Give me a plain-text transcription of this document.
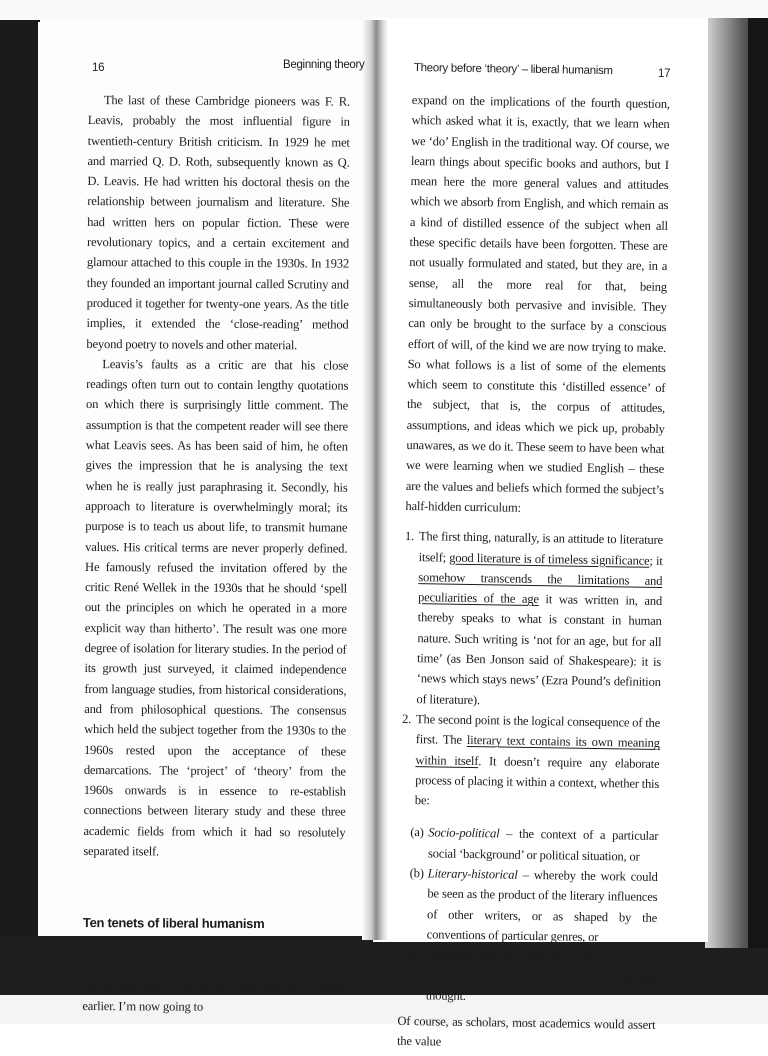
16	Beginning theory	Theory before ‘theory’ – liberal humanism	17

The last of these Cambridge pioneers was F. R. Leavis, probably the most influential figure in twentieth-century British criticism. In 1929 he met and married Q. D. Roth, subsequently known as Q. D. Leavis. He had written his doctoral thesis on the relationship between journalism and literature. She had written hers on popular fiction. These were revolutionary topics, and a certain excitement and glamour attached to this couple in the 1930s. In 1932 they founded an important journal called Scrutiny and produced it together for twenty-one years. As the title implies, it extended the ‘close-reading’ method beyond poetry to novels and other material.

Leavis’s faults as a critic are that his close readings often turn out to contain lengthy quotations on which there is surprisingly little comment. The assumption is that the competent reader will see there what Leavis sees. As has been said of him, he often gives the impression that he is analysing the text when he is really just paraphrasing it. Secondly, his approach to literature is overwhelmingly moral; its purpose is to teach us about life, to transmit humane values. His critical terms are never properly defined. He famously refused the invitation offered by the critic René Wellek in the 1930s that he should ‘spell out the principles on which he operated in a more explicit way than hitherto’. The result was one more degree of isolation for literary studies. In the period of its growth just surveyed, it claimed independence from language studies, from historical considerations, and from philosophical questions. The consensus which held the subject together from the 1930s to the 1960s rested upon the acceptance of these demarcations. The ‘project’ of ‘theory’ from the 1960s onwards is in essence to re-establish connections between literary study and these three academic fields from which it had so resolutely separated itself.

Ten tenets of liberal humanism

The personal account on pp. 9–10 mainly responds to the second and third of the four questions given earlier. I’m now going to

expand on the implications of the fourth question, which asked what it is, exactly, that we learn when we ‘do’ English in the traditional way. Of course, we learn things about specific books and authors, but I mean here the more general values and attitudes which we absorb from English, and which remain as a kind of distilled essence of the subject when all these specific details have been forgotten. These are not usually formulated and stated, but they are, in a sense, all the more real for that, being simultaneously both pervasive and invisible. They can only be brought to the surface by a conscious effort of will, of the kind we are now trying to make. So what follows is a list of some of the elements which seem to constitute this ‘distilled essence’ of the subject, that is, the corpus of attitudes, assumptions, and ideas which we pick up, probably unawares, as we do it. These seem to have been what we were learning when we studied English – these are the values and beliefs which formed the subject’s half-hidden curriculum:

1. The first thing, naturally, is an attitude to literature itself; good literature is of timeless significance; it somehow transcends the limitations and peculiarities of the age it was written in, and thereby speaks to what is constant in human nature. Such writing is ‘not for an age, but for all time’ (as Ben Jonson said of Shakespeare): it is ‘news which stays news’ (Ezra Pound’s definition of literature).
2. The second point is the logical consequence of the first. The literary text contains its own meaning within itself. It doesn’t require any elaborate process of placing it within a context, whether this be:
(a) Socio-political – the context of a particular social ‘background’ or political situation, or
(b) Literary-historical – whereby the work could be seen as the product of the literary influences of other writers, or as shaped by the conventions of particular genres, or
(c) Autobiographical – that is, as determined by the personal details of the author’s life and thought.

Of course, as scholars, most academics would assert the value
